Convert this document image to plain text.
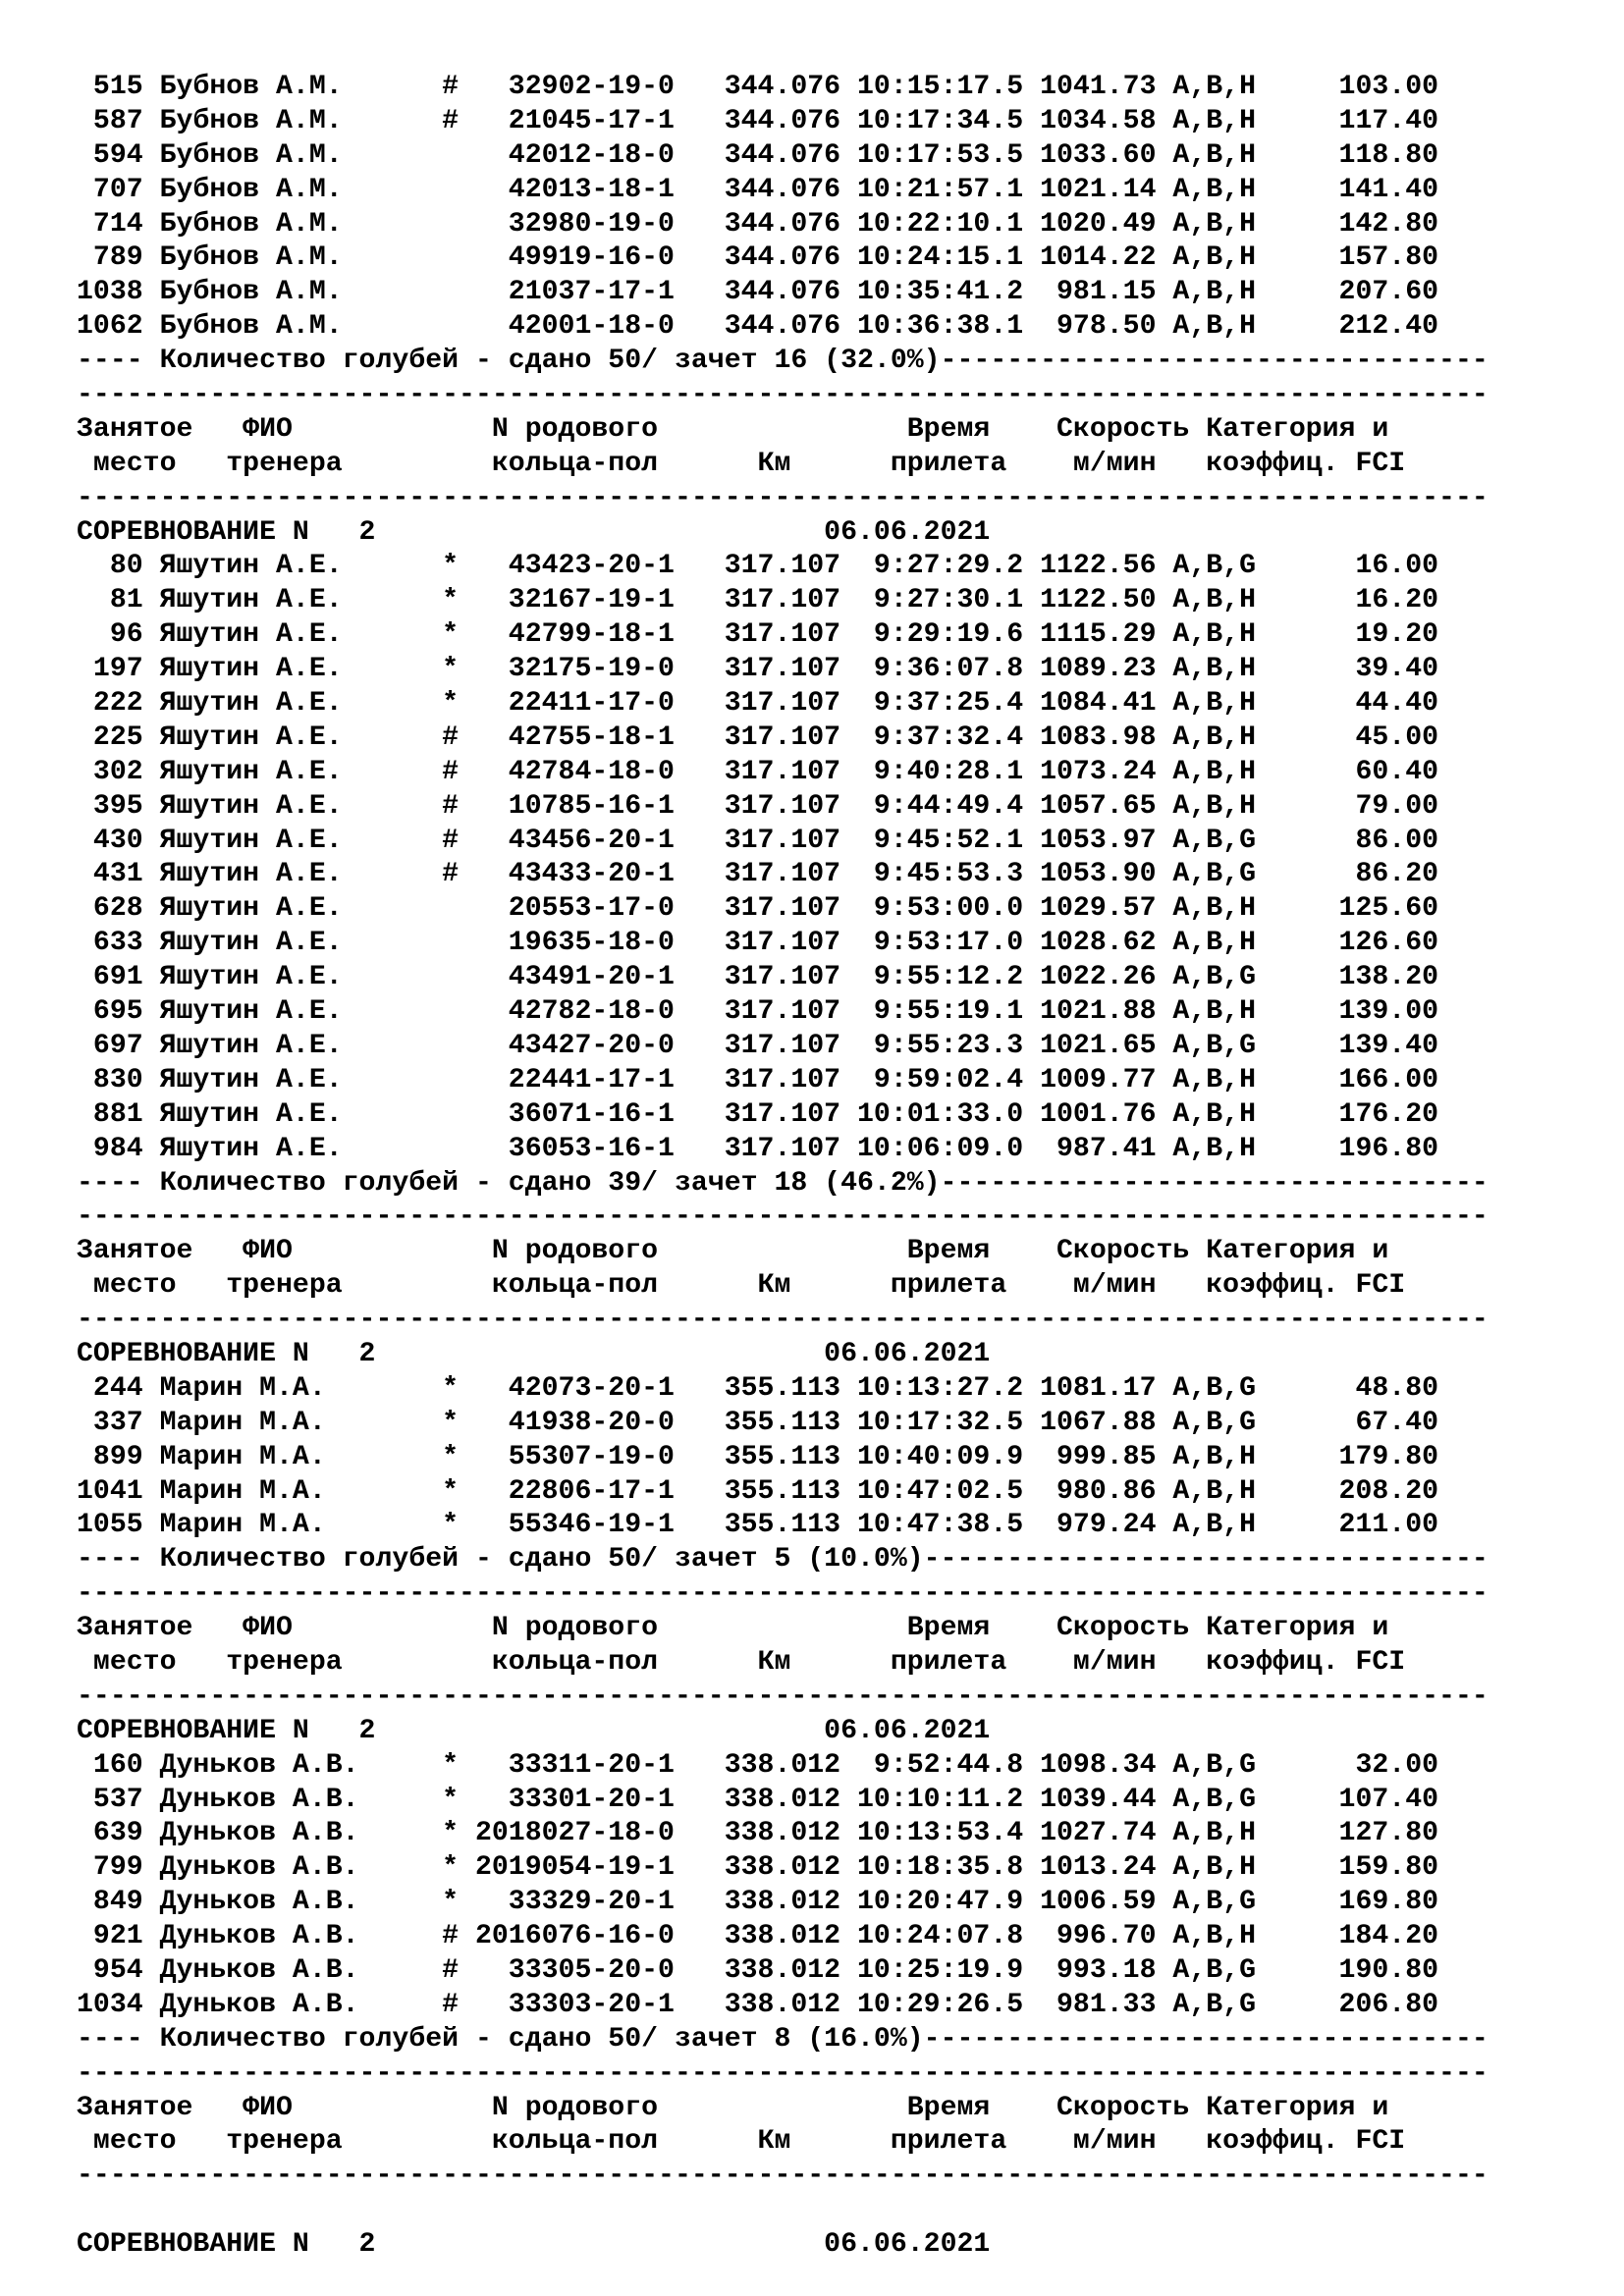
515 Бубнов А.М.      #   32902-19-0   344.076 10:15:17.5 1041.73 A,B,H     103.00
587 Бубнов А.М.      #   21045-17-1   344.076 10:17:34.5 1034.58 A,B,H     117.40
594 Бубнов А.М.          42012-18-0   344.076 10:17:53.5 1033.60 A,B,H     118.80
707 Бубнов А.М.          42013-18-1   344.076 10:21:57.1 1021.14 A,B,H     141.40
714 Бубнов А.М.          32980-19-0   344.076 10:22:10.1 1020.49 A,B,H     142.80
789 Бубнов А.М.          49919-16-0   344.076 10:24:15.1 1014.22 A,B,H     157.80
1038 Бубнов А.М.          21037-17-1   344.076 10:35:41.2  981.15 A,B,H     207.60
1062 Бубнов А.М.          42001-18-0   344.076 10:36:38.1  978.50 A,B,H     212.40
---- Количество голубей - сдано 50/ зачет 16 (32.0%)---------------------------------
-------------------------------------------------------------------------------------
Занятое   ФИО            N родового               Время    Скорость Категория и
место   тренера         кольца-пол      Км      прилета    м/мин   коэффиц. FCI
-------------------------------------------------------------------------------------
СОРЕВНОВАНИЕ N   2                           06.06.2021
80 Яшутин А.Е.      *   43423-20-1   317.107  9:27:29.2 1122.56 A,B,G      16.00
81 Яшутин А.Е.      *   32167-19-1   317.107  9:27:30.1 1122.50 A,B,H      16.20
96 Яшутин А.Е.      *   42799-18-1   317.107  9:29:19.6 1115.29 A,B,H      19.20
197 Яшутин А.Е.      *   32175-19-0   317.107  9:36:07.8 1089.23 A,B,H      39.40
222 Яшутин А.Е.      *   22411-17-0   317.107  9:37:25.4 1084.41 A,B,H      44.40
225 Яшутин А.Е.      #   42755-18-1   317.107  9:37:32.4 1083.98 A,B,H      45.00
302 Яшутин А.Е.      #   42784-18-0   317.107  9:40:28.1 1073.24 A,B,H      60.40
395 Яшутин А.Е.      #   10785-16-1   317.107  9:44:49.4 1057.65 A,B,H      79.00
430 Яшутин А.Е.      #   43456-20-1   317.107  9:45:52.1 1053.97 A,B,G      86.00
431 Яшутин А.Е.      #   43433-20-1   317.107  9:45:53.3 1053.90 A,B,G      86.20
628 Яшутин А.Е.          20553-17-0   317.107  9:53:00.0 1029.57 A,B,H     125.60
633 Яшутин А.Е.          19635-18-0   317.107  9:53:17.0 1028.62 A,B,H     126.60
691 Яшутин А.Е.          43491-20-1   317.107  9:55:12.2 1022.26 A,B,G     138.20
695 Яшутин А.Е.          42782-18-0   317.107  9:55:19.1 1021.88 A,B,H     139.00
697 Яшутин А.Е.          43427-20-0   317.107  9:55:23.3 1021.65 A,B,G     139.40
830 Яшутин А.Е.          22441-17-1   317.107  9:59:02.4 1009.77 A,B,H     166.00
881 Яшутин А.Е.          36071-16-1   317.107 10:01:33.0 1001.76 A,B,H     176.20
984 Яшутин А.Е.          36053-16-1   317.107 10:06:09.0  987.41 A,B,H     196.80
---- Количество голубей - сдано 39/ зачет 18 (46.2%)---------------------------------
-------------------------------------------------------------------------------------
Занятое   ФИО            N родового               Время    Скорость Категория и
место   тренера         кольца-пол      Км      прилета    м/мин   коэффиц. FCI
-------------------------------------------------------------------------------------
СОРЕВНОВАНИЕ N   2                           06.06.2021
244 Марин М.А.       *   42073-20-1   355.113 10:13:27.2 1081.17 A,B,G      48.80
337 Марин М.А.       *   41938-20-0   355.113 10:17:32.5 1067.88 A,B,G      67.40
899 Марин М.А.       *   55307-19-0   355.113 10:40:09.9  999.85 A,B,H     179.80
1041 Марин М.А.       *   22806-17-1   355.113 10:47:02.5  980.86 A,B,H     208.20
1055 Марин М.А.       *   55346-19-1   355.113 10:47:38.5  979.24 A,B,H     211.00
---- Количество голубей - сдано 50/ зачет 5 (10.0%)----------------------------------
-------------------------------------------------------------------------------------
Занятое   ФИО            N родового               Время    Скорость Категория и
место   тренера         кольца-пол      Км      прилета    м/мин   коэффиц. FCI
-------------------------------------------------------------------------------------
СОРЕВНОВАНИЕ N   2                           06.06.2021
160 Дуньков А.В.     *   33311-20-1   338.012  9:52:44.8 1098.34 A,B,G      32.00
537 Дуньков А.В.     *   33301-20-1   338.012 10:10:11.2 1039.44 A,B,G     107.40
639 Дуньков А.В.     * 2018027-18-0   338.012 10:13:53.4 1027.74 A,B,H     127.80
799 Дуньков А.В.     * 2019054-19-1   338.012 10:18:35.8 1013.24 A,B,H     159.80
849 Дуньков А.В.     *   33329-20-1   338.012 10:20:47.9 1006.59 A,B,G     169.80
921 Дуньков А.В.     # 2016076-16-0   338.012 10:24:07.8  996.70 A,B,H     184.20
954 Дуньков А.В.     #   33305-20-0   338.012 10:25:19.9  993.18 A,B,G     190.80
1034 Дуньков А.В.     #   33303-20-1   338.012 10:29:26.5  981.33 A,B,G     206.80
---- Количество голубей - сдано 50/ зачет 8 (16.0%)----------------------------------
-------------------------------------------------------------------------------------
Занятое   ФИО            N родового               Время    Скорость Категория и
место   тренера         кольца-пол      Км      прилета    м/мин   коэффиц. FCI
-------------------------------------------------------------------------------------
СОРЕВНОВАНИЕ N   2                           06.06.2021
